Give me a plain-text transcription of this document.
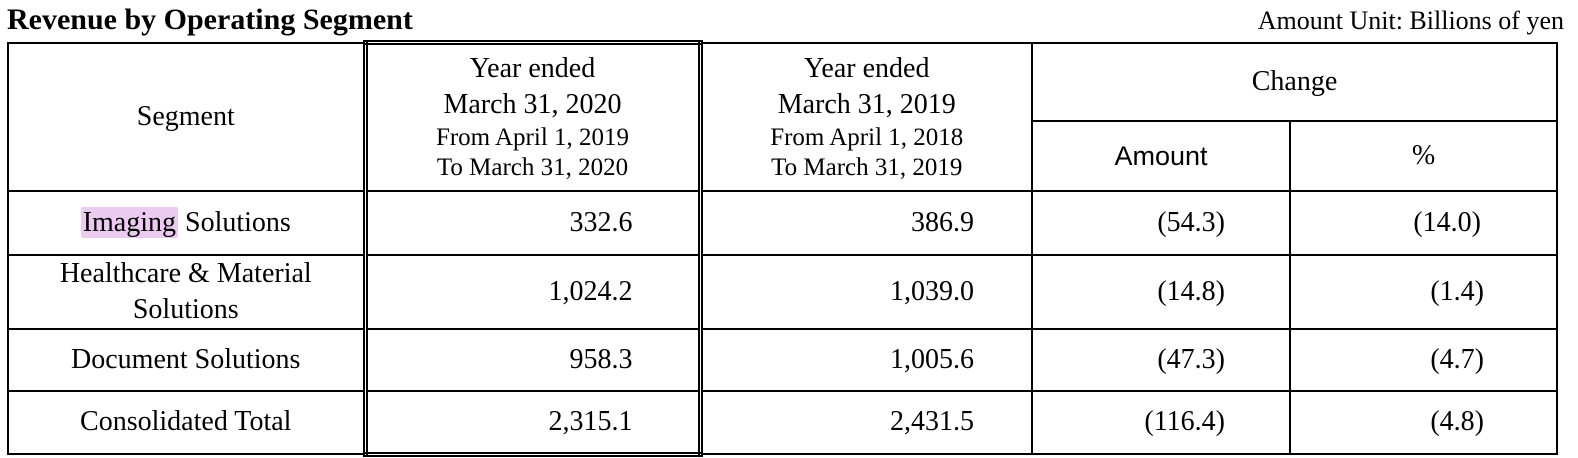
Revenue by Operating Segment	Amount Unit: Billions of yen
Segment	Year ended
March 31, 2020
From April 1, 2019
To March 31, 2020	Year ended
March 31, 2019
From April 1, 2018
To March 31, 2019	Change	
			Amount	%
Imaging Solutions	332.6	386.9	(54.3)	(14.0)

Healthcare & Material
Solutions	1,024.2	1,039.0	(14.8)	(1.4)
Document Solutions	958.3	1,005.6	(47.3)	(4.7)
Consolidated Total	2,315.1	2,431.5	(116.4)	(4.8)
